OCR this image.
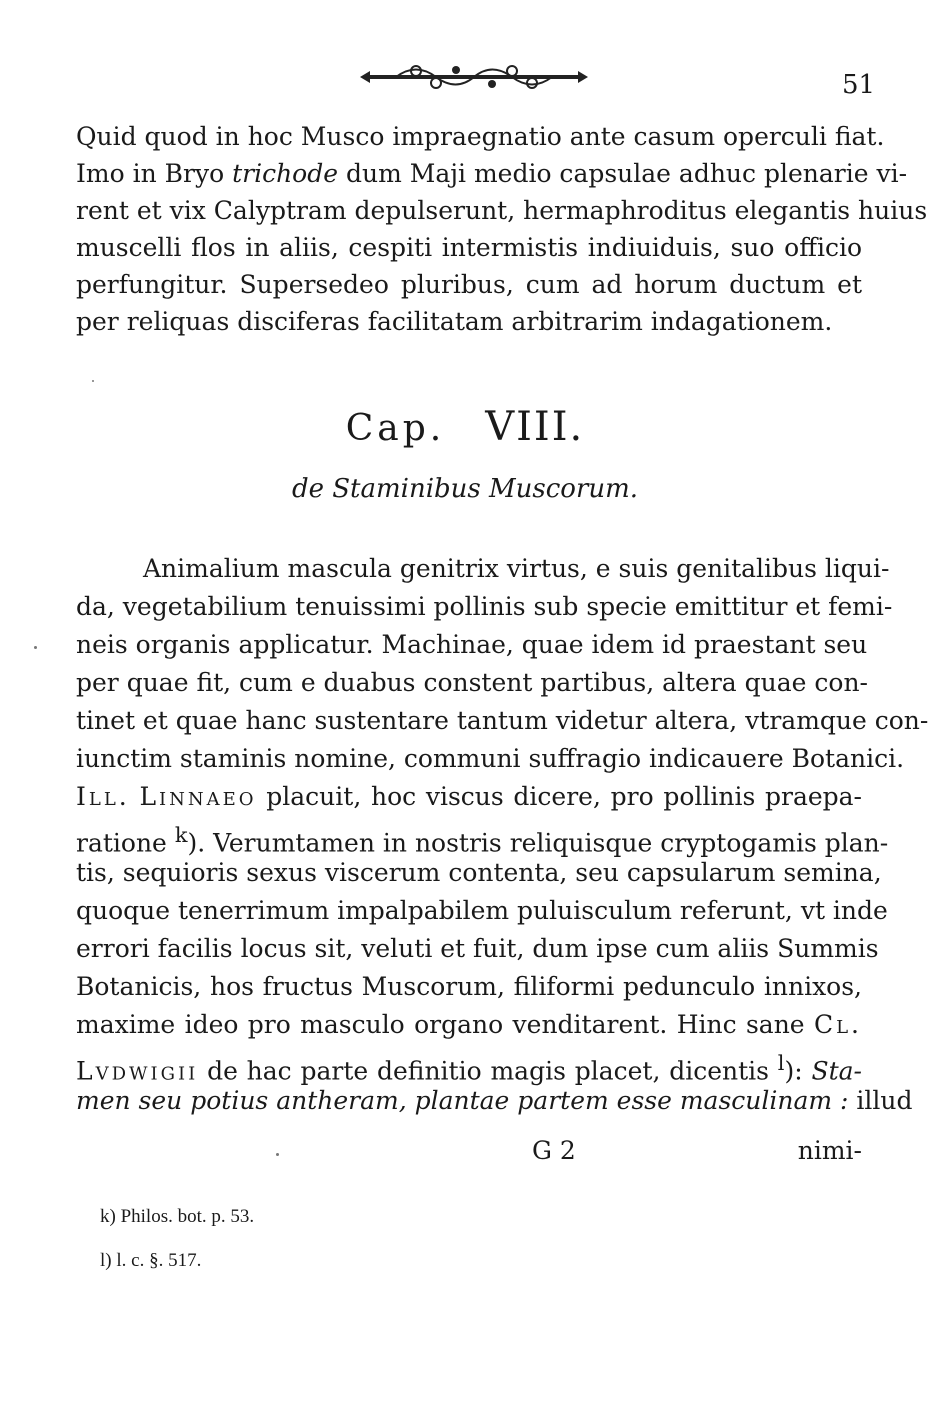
51
Quid quod in hoc Musco impraegnatio ante casum operculi fiat.
Imo in Bryo trichode dum Maji medio capsulae adhuc plenarie vi-
rent et vix Calyptram depulserunt, hermaphroditus elegantis huius
muscelli flos in aliis, cespiti intermistis indiuiduis, suo officio
perfungitur. Supersedeo pluribus, cum ad horum ductum et
per reliquas disciferas facilitatam arbitrarim indagationem.
Cap. VIII.
de Staminibus Muscorum.
Animalium mascula genitrix virtus, e suis genitalibus liqui-
da, vegetabilium tenuissimi pollinis sub specie emittitur et femi-
neis organis applicatur. Machinae, quae idem id praestant seu
per quae fit, cum e duabus constent partibus, altera quae con-
tinet et quae hanc sustentare tantum videtur altera, vtramque con-
iunctim staminis nomine, communi suffragio indicauere Botanici.
Ill. Linnaeo placuit, hoc viscus dicere, pro pollinis praepa-
ratione $^k$). Verumtamen in nostris reliquisque cryptogamis plan-
tis, sequioris sexus viscerum contenta, seu capsularum semina,
quoque tenerrimum impalpabilem puluisculum referunt, vt inde
errori facilis locus sit, veluti et fuit, dum ipse cum aliis Summis
Botanicis, hos fructus Muscorum, filiformi pedunculo innixos,
maxime ideo pro masculo organo venditarent. Hinc sane Cl.
Lvdwigii de hac parte definitio magis placet, dicentis $^l$): Sta-
men seu potius antheram, plantae partem esse masculinam : illud
G 2	nimi-
k) Philos. bot. p. 53.
l) l. c. §. 517.
